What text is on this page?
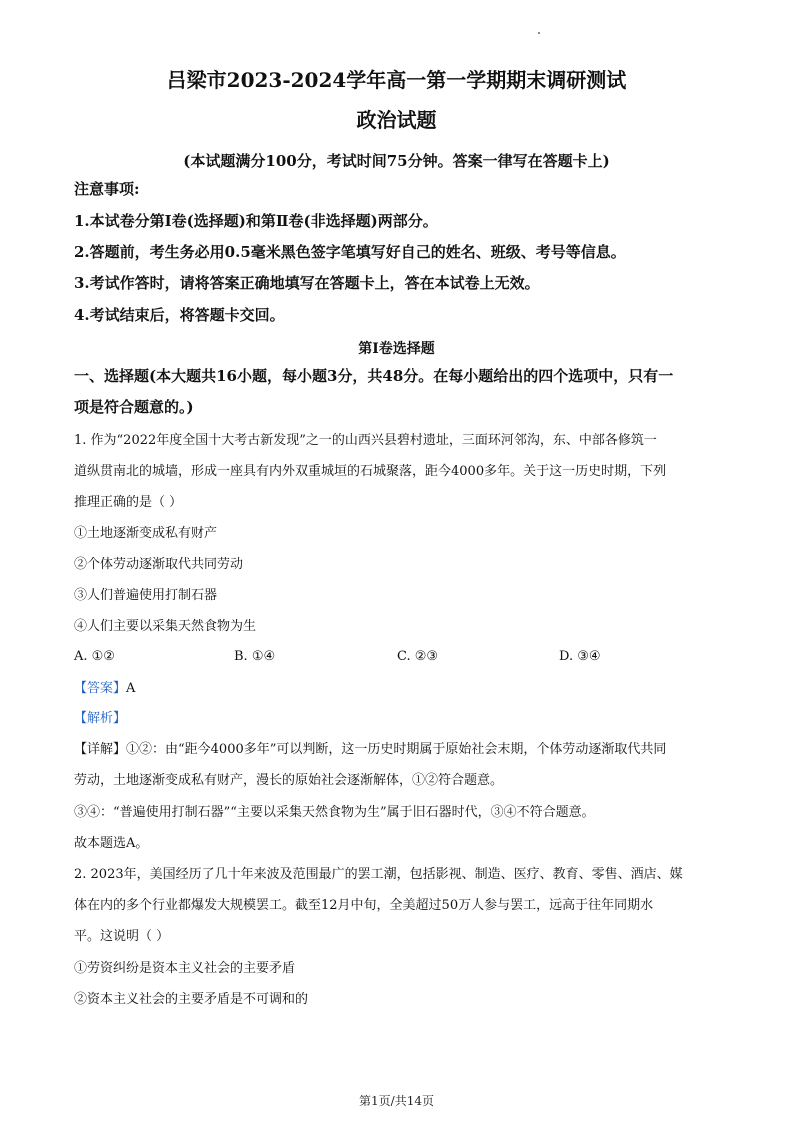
吕梁市2023-2024学年高一第一学期期末调研测试
政治试题
(本试题满分100分，考试时间75分钟。答案一律写在答题卡上)
注意事项:
1.本试卷分第Ⅰ卷(选择题)和第Ⅱ卷(非选择题)两部分。
2.答题前，考生务必用0.5毫米黑色签字笔填写好自己的姓名、班级、考号等信息。
3.考试作答时，请将答案正确地填写在答题卡上，答在本试卷上无效。
4.考试结束后，将答题卡交回。
第Ⅰ卷选择题
一、选择题(本大题共16小题，每小题3分，共48分。在每小题给出的四个选项中，只有一
项是符合题意的。)
1. 作为“2022年度全国十大考古新发现”之一的山西兴县碧村遗址，三面环河邻沟，东、中部各修筑一
道纵贯南北的城墙，形成一座具有内外双重城垣的石城聚落，距今4000多年。关于这一历史时期，下列
推理正确的是（ ）
①土地逐渐变成私有财产
②个体劳动逐渐取代共同劳动
③人们普遍使用打制石器
④人们主要以采集天然食物为生
A. ①②	B. ①④	C. ②③	D. ③④
【答案】A
【解析】
【详解】①②：由“距今4000多年”可以判断，这一历史时期属于原始社会末期，个体劳动逐渐取代共同
劳动，土地逐渐变成私有财产，漫长的原始社会逐渐解体，①②符合题意。
③④：“普遍使用打制石器”“主要以采集天然食物为生”属于旧石器时代，③④不符合题意。
故本题选A。
2. 2023年，美国经历了几十年来波及范围最广的罢工潮，包括影视、制造、医疗、教育、零售、酒店、媒
体在内的多个行业都爆发大规模罢工。截至12月中旬，全美超过50万人参与罢工，远高于往年同期水
平。这说明（ ）
①劳资纠纷是资本主义社会的主要矛盾
②资本主义社会的主要矛盾是不可调和的
第1页/共14页
